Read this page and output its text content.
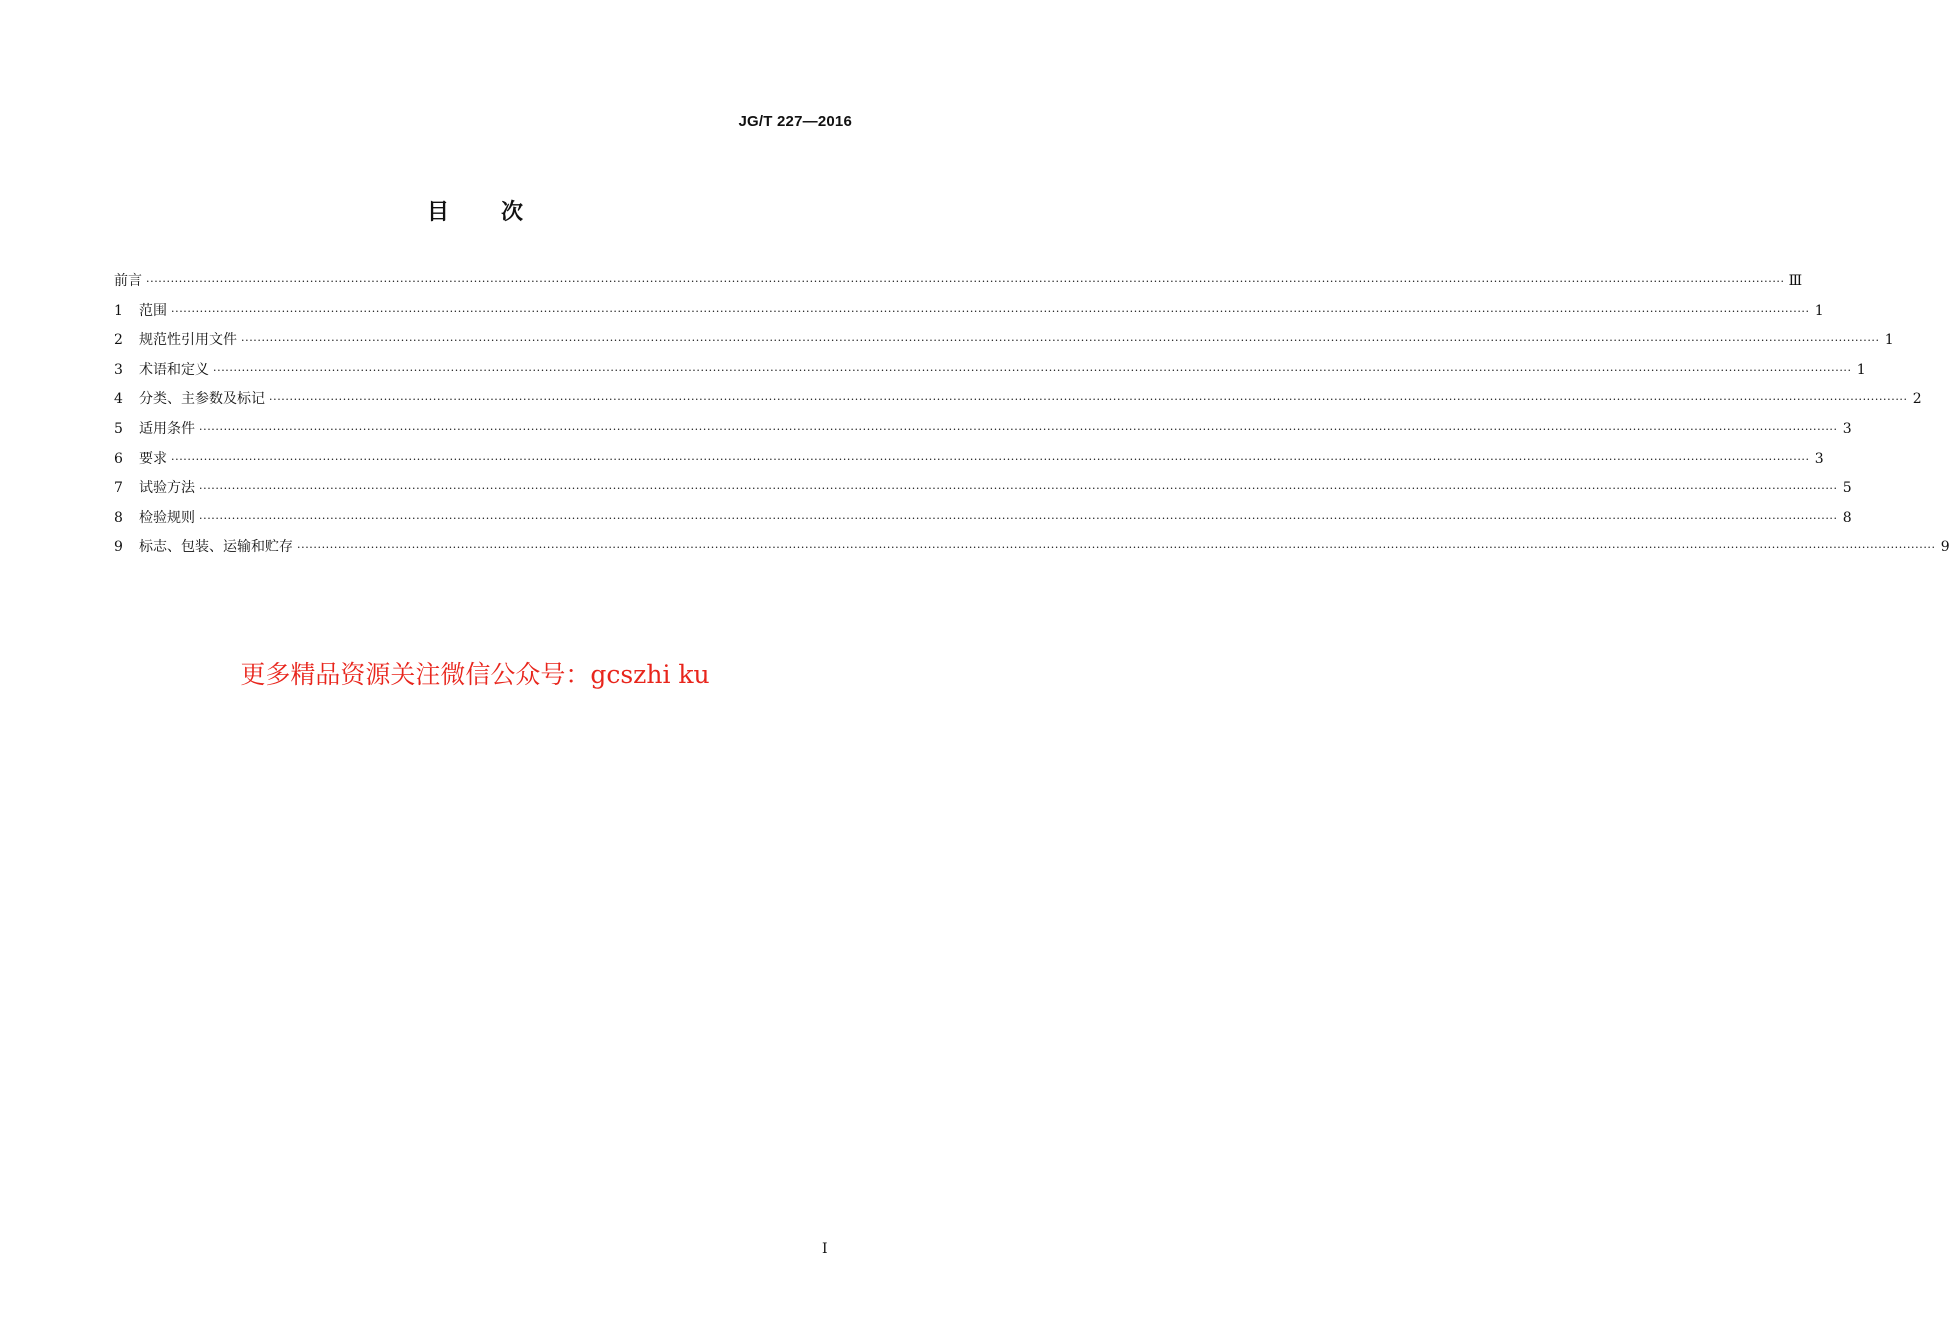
JG/T 227—2016
目 次
前言 ················································································································································································································································································································································································································ Ⅲ
1	范围 ················································································································································································································································································································································································································ 1
2	规范性引用文件 ················································································································································································································································································································································································································ 1
3	术语和定义 ················································································································································································································································································································································································································ 1
4	分类、主参数及标记 ················································································································································································································································································································································································································ 2
5	适用条件 ················································································································································································································································································································································································································ 3
6	要求 ················································································································································································································································································································································································································ 3
7	试验方法 ················································································································································································································································································································································································································ 5
8	检验规则 ················································································································································································································································································································································································································ 8
9	标志、包装、运输和贮存 ················································································································································································································································································································································································································ 9
更多精品资源关注微信公众号：gcszhi ku
I
